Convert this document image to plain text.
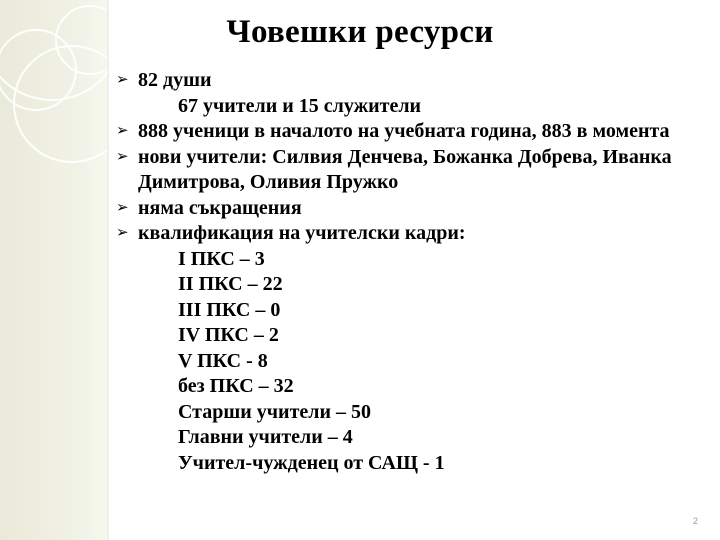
Човешки ресурси
➢ 82 души
67 учители и 15 служители
➢ 888 ученици в началото на учебната година, 883 в момента
➢ нови учители: Силвия Денчева, Божанка Добрева, Иванка Димитрова, Оливия Пружко
➢ няма съкращения
➢ квалификация на учителски кадри:
I ПКС – 3
II ПКС – 22
III ПКС – 0
IV ПКС – 2
V ПКС - 8
без ПКС – 32
Старши учители – 50
Главни учители – 4
Учител-чужденец от САЩ - 1
2
